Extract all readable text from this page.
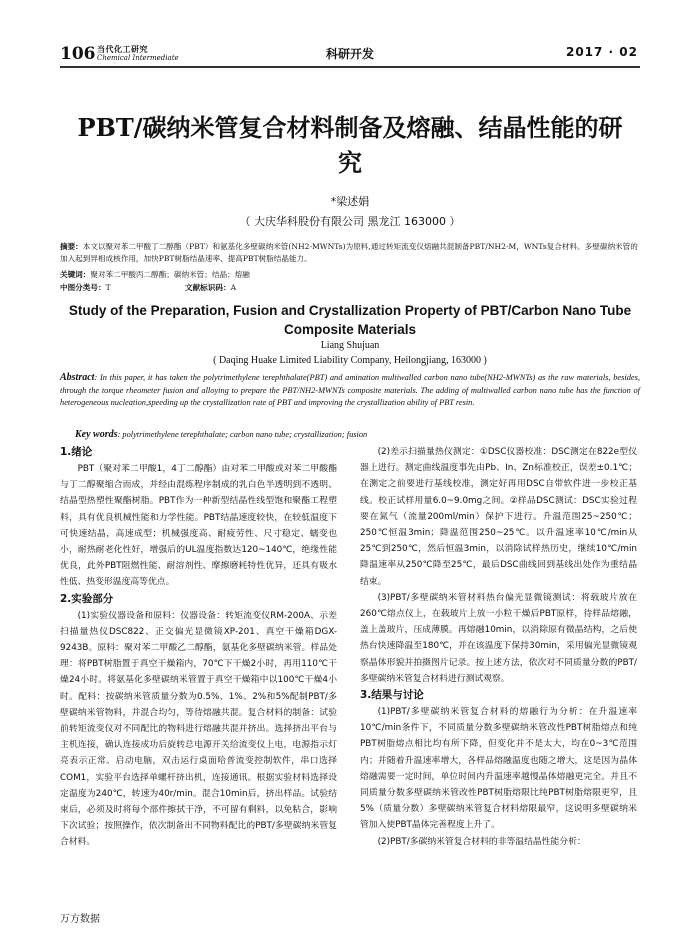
106 当代化工研究
Chemical Intermediate	科研开发	2017 · 02
PBT/碳纳米管复合材料制备及熔融、结晶性能的研究
*梁述娟
（ 大庆华科股份有限公司 黑龙江 163000 ）
摘要：本文以聚对苯二甲酸丁二醇酯（PBT）和氨基化多壁碳纳米管(NH2-MWNTs)为原料,通过转矩流变仪熔融共混制备PBT/NH2-M，WNTs复合材料。多壁碳纳米管的加入起到异相成核作用，加快PBT树脂结晶速率、提高PBT树脂结晶能力。
关键词：聚对苯二甲酸丙二醇酯；碳纳米管；结晶；熔融
中图分类号：T	文献标识码：A
Study of the Preparation, Fusion and Crystallization Property of PBT/Carbon Nano Tube Composite Materials
Liang Shujuan
( Daqing Huake Limited Liability Company, Heilongjiang, 163000 )
Abstract: In this paper, it has taken the polytrimethylene terephthalate(PBT) and amination multiwalled carbon nano tube(NH2-MWNTs) as the raw materials, besides, through the torque rheometer fusion and alloying to prepare the PBT/NH2-MWNTs composite materials. The adding of multiwalled carbon nano tube has the function of heterogeneous nucleation,speeding up the crystallization rate of PBT and improving the crystallization ability of PBT resin.
Key words: polytrimethylene terephthalate; carbon nano tube; crystallization; fusion
1.绪论

PBT（聚对苯二甲酸1，4丁二醇酯）由对苯二甲酸或对苯二甲酸酯与丁二醇聚缩合而成，并经由混炼程序制成的乳白色半透明到不透明、结晶型热塑性聚酯树脂。PBT作为一种新型结晶性线型饱和聚酯工程塑料，具有优良机械性能和力学性能。PBT结晶速度较快，在较低温度下可快速结晶，高速成型；机械强度高、耐疲劳性、尺寸稳定、蠕变也小，耐热耐老化性好，增强后的UL温度指数达120~140℃，绝缘性能优良，此外PBT阻燃性能、耐溶剂性、摩擦磨耗特性优异，还具有吸水性低、热变形温度高等优点。

2.实验部分

(1)实验仪器设备和原料：仪器设备：转矩流变仪RM-200A、示差扫描量热仪DSC822、正交偏光显微镜XP-201、真空干燥箱DGX-9243B。原料：聚对苯二甲酸乙二醇酯，氨基化多壁碳纳米管。样品处理：将PBT树脂置于真空干燥箱内，70℃下干燥2小时，再用110℃干燥24小时。将氨基化多壁碳纳米管置于真空干燥箱中以100℃干燥4小时。配料：按碳纳米管质量分数为0.5%、1%、2%和5%配制PBT/多壁碳纳米管物料，并混合均匀，等待熔融共混。复合材料的制备：试验前转矩流变仪对不同配比的物料进行熔融共混并挤出。选择挤出平台与主机连接，确认连接成功后旋转总电源开关给流变仪上电，电源指示灯亮表示正常。启动电脑，双击运行桌面哈普流变控制软件，串口选择COM1，实验平台选择单螺杆挤出机，连接通讯。根据实验材料选择设定温度为240℃，转速为40r/min。混合10min后，挤出样品。试验结束后，必须及时将每个部件擦拭干净，不可留有剩料，以免粘合，影响下次试验；按照操作，依次制备出不同物料配比的PBT/多壁碳纳米管复合材料。

(2)差示扫描量热仪测定：①DSC仪器校准：DSC测定在822e型仪器上进行。测定曲线温度事先由Pb、In、Zn标准校正，误差±0.1℃；在测定之前要进行基线校准，测定好再用DSC自带软件进一步校正基线。校正试样用量6.0~9.0mg之间。②样品DSC测试：DSC实验过程要在氮气（流量200ml/min）保护下进行。升温范围25~250℃；250℃恒温3min；降温范围250~25℃。以升温速率10℃/min从25℃到250℃，然后恒温3min，以消除试样热历史，继续10℃/min降温速率从250℃降至25℃，最后DSC曲线回到基线出处作为重结晶结束。

(3)PBT/多壁碳纳米管材料热台偏光显微镜测试：将载玻片放在260℃熔点仪上，在载玻片上放一小粒干燥后PBT原样，待样品熔融，盖上盖玻片，压成薄膜。再熔融10min，以消除原有微晶结构，之后使热台快速降温至180℃，并在该温度下保持30min，采用偏光显微镜观察晶体形貌并拍摄图片记录。按上述方法，依次对不同质量分数的PBT/多壁碳纳米管复合材料进行测试观察。

3.结果与讨论

(1)PBT/多壁碳纳米管复合材料的熔融行为分析：在升温速率10℃/min条件下，不同质量分数多壁碳纳米管改性PBT树脂熔点和纯PBT树脂熔点相比均有所下降，但变化并不是太大，均在0~3℃范围内；并随着升温速率增大，各样品熔融温度也随之增大，这是因为晶体熔融需要一定时间，单位时间内升温速率越慢晶体熔融更完全。并且不同质量分数多壁碳纳米管改性PBT树脂熔限比纯PBT树脂熔限更窄，且5%（质量分数）多壁碳纳米管复合材料熔限最窄，这说明多壁碳纳米管加入使PBT晶体完善程度上升了。

(2)PBT/多碳纳米管复合材料的非等温结晶性能分析：

万方数据
